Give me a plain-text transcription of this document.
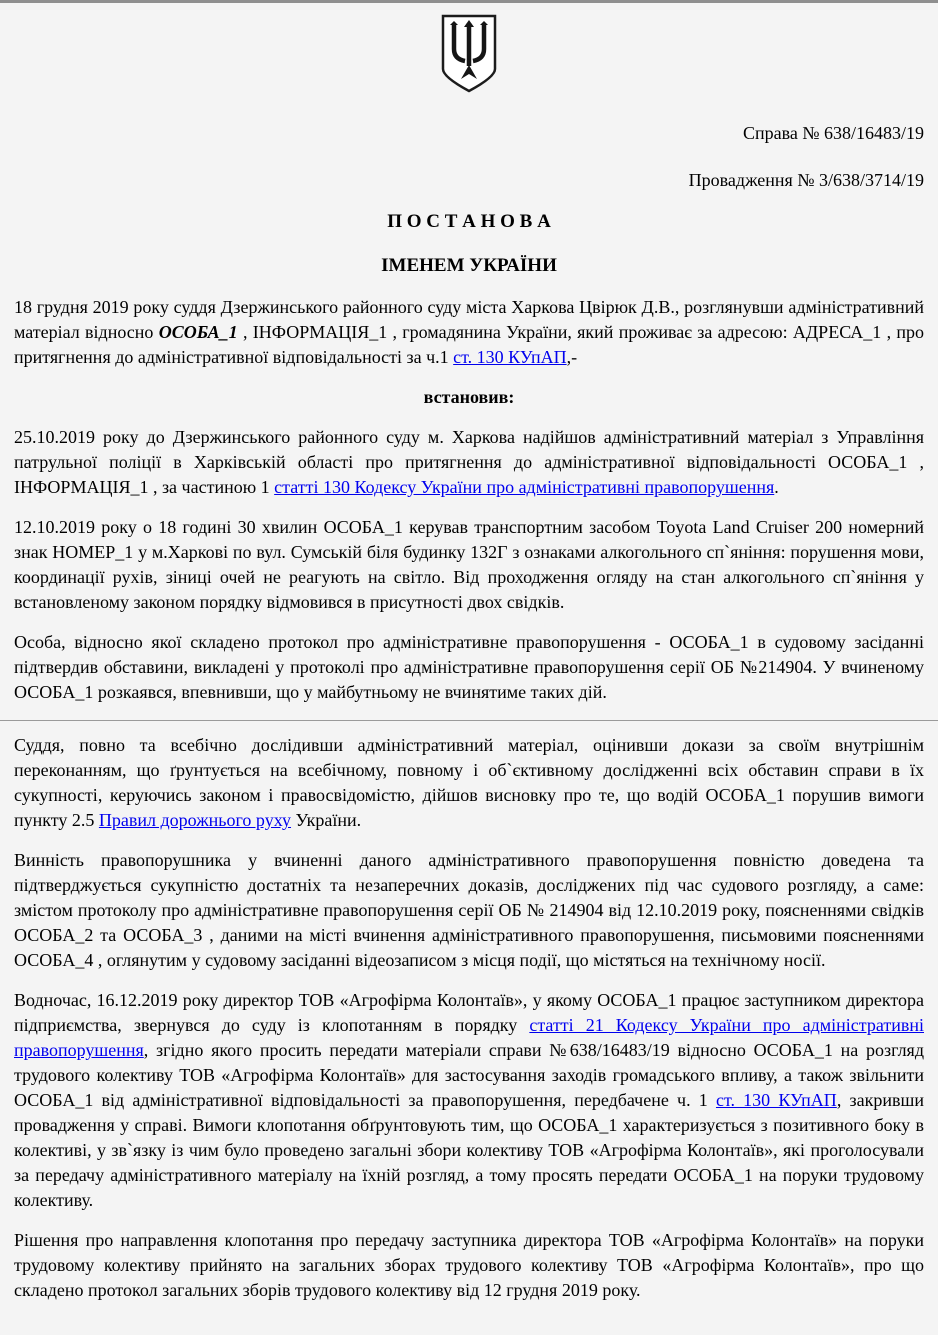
Справа № 638/16483/19

Провадження № 3/638/3714/19

П О С Т А Н О В А

ІМЕНЕМ УКРАЇНИ

18 грудня 2019 року суддя Дзержинського районного суду міста Харкова Цвірюк Д.В., розглянувши адміністративний матеріал відносно ОСОБА_1 , ІНФОРМАЦІЯ_1 , громадянина України, який проживає за адресою: АДРЕСА_1 , про притягнення до адміністративної відповідальності за ч.1 ст. 130 КУпАП,-

встановив:

25.10.2019 року до Дзержинського районного суду м. Харкова надійшов адміністративний матеріал з Управління патрульної поліції в Харківській області про притягнення до адміністративної відповідальності ОСОБА_1 , ІНФОРМАЦІЯ_1 , за частиною 1 статті 130 Кодексу України про адміністративні правопорушення.

12.10.2019 року о 18 годині 30 хвилин ОСОБА_1 керував транспортним засобом Toyota Land Cruiser 200 номерний знак НОМЕР_1 у м.Харкові по вул. Сумській біля будинку 132Г з ознаками алкогольного сп`яніння: порушення мови, координації рухів, зіниці очей не реагують на світло. Від проходження огляду на стан алкогольного сп`яніння у встановленому законом порядку відмовився в присутності двох свідків.

Особа, відносно якої складено протокол про адміністративне правопорушення - ОСОБА_1 в судовому засіданні підтвердив обставини, викладені у протоколі про адміністративне правопорушення серії ОБ №214904. У вчиненому ОСОБА_1 розкаявся, впевнивши, що у майбутньому не вчинятиме таких дій.

Суддя, повно та всебічно дослідивши адміністративний матеріал, оцінивши докази за своїм внутрішнім переконанням, що ґрунтується на всебічному, повному і об`єктивному дослідженні всіх обставин справи в їх сукупності, керуючись законом і правосвідомістю, дійшов висновку про те, що водій ОСОБА_1 порушив вимоги пункту 2.5 Правил дорожнього руху України.

Винність правопорушника у вчиненні даного адміністративного правопорушення повністю доведена та підтверджується сукупністю достатніх та незаперечних доказів, досліджених під час судового розгляду, а саме: змістом протоколу про адміністративне правопорушення серії ОБ № 214904 від 12.10.2019 року, поясненнями свідків ОСОБА_2 та ОСОБА_3 , даними на місті вчинення адміністративного правопорушення, письмовими поясненнями ОСОБА_4 , оглянутим у судовому засіданні відеозаписом з місця події, що містяться на технічному носії.

Водночас, 16.12.2019 року директор ТОВ «Агрофірма Колонтаїв», у якому ОСОБА_1 працює заступником директора підприємства, звернувся до суду із клопотанням в порядку статті 21 Кодексу України про адміністративні правопорушення, згідно якого просить передати матеріали справи №638/16483/19 відносно ОСОБА_1 на розгляд трудового колективу ТОВ «Агрофірма Колонтаїв» для застосування заходів громадського впливу, а також звільнити ОСОБА_1 від адміністративної відповідальності за правопорушення, передбачене ч. 1 ст. 130 КУпАП, закривши провадження у справі. Вимоги клопотання обґрунтовують тим, що ОСОБА_1 характеризується з позитивного боку в колективі, у зв`язку із чим було проведено загальні збори колективу ТОВ «Агрофірма Колонтаїв», які проголосували за передачу адміністративного матеріалу на їхній розгляд, а тому просять передати ОСОБА_1 на поруки трудовому колективу.

Рішення про направлення клопотання про передачу заступника директора ТОВ «Агрофірма Колонтаїв» на поруки трудовому колективу прийнято на загальних зборах трудового колективу ТОВ «Агрофірма Колонтаїв», про що складено протокол загальних зборів трудового колективу від 12 грудня 2019 року.
